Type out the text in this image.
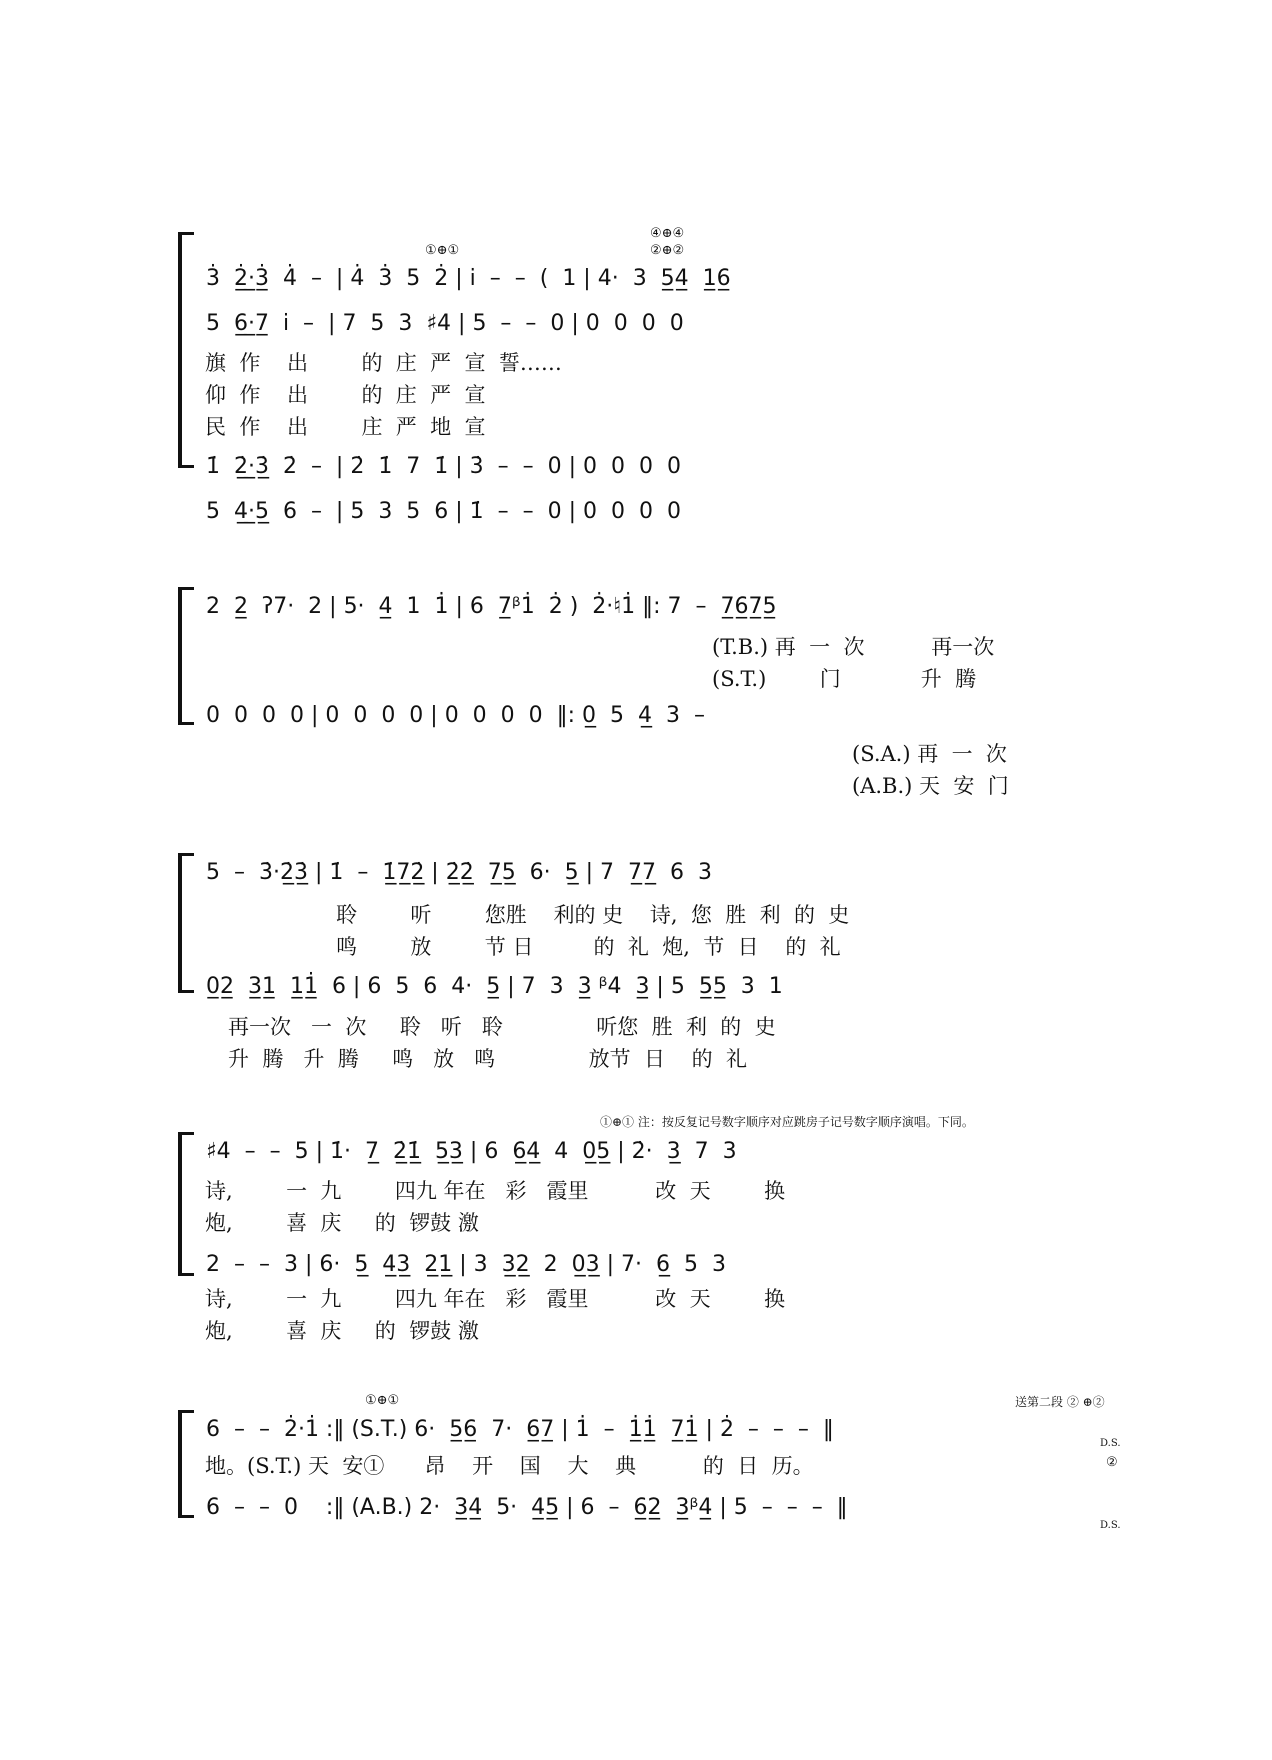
①⊕①
④⊕④
②⊕②
3̇  2̲̇·̲3̲̇  4̇  –  | 4̇  3̇  5  2̇ | i̇  –  –  (  1 | 4·  3  5̲4̲  1̲6̲
5  6̲·̲7̲  i̇  –  | 7  5  3  ♯4 | 5  –  –  0 | 0  0  0  0
旗  作    出        的  庄  严  宣  誓……
仰  作    出        的  庄  严  宣
民  作    出        庄  严  地  宣
1̇  2̲̇·̲3̲̇  2̇  –  | 2̇  1̇  7  1̇ | 3̇  –  –  0 | 0  0  0  0
5  4̲·̲5̲  6  –  | 5  3  5  6 | 1̇  –  –  0 | 0  0  0  0
2  2̲  ʔ7·  2 | 5·  4̲  1  1̇ | 6  7̲ᵝ1̇  2̇ )  2̇·♮1̇ ‖: 7  –  7̲6̲7̲5̲
(T.B.) 再  一  次          再一次
(S.T.)        门            升  腾
0  0  0  0 | 0  0  0  0 | 0  0  0  0  ‖: 0̲  5  4̲  3  –
(S.A.) 再  一  次
(A.B.) 天  安  门
5  –  3̇·2̲̇3̲̇ | 1̇  –  1̲̇7̲2̲̇ | 2̲̇2̲̇  7̲5̲  6·  5̲ | 7  7̲7̲  6  3
聆        听        您胜    利的 史    诗,  您  胜  利  的  史
鸣        放        节 日         的  礼  炮,  节  日    的  礼
0̲2̲  3̲1̲  1̲1̲̇  6 | 6  5  6  4·  5̲ | 7  3  3̲ ᵝ4  3̲ | 5  5̲5̲  3  1
再一次   一  次     聆   听   聆              听您  胜  利  的  史
升  腾   升  腾     鸣   放   鸣              放节  日    的  礼
①⊕① 注：按反复记号数字顺序对应跳房子记号数字顺序演唱。下同。
♯4  –  –  5 | 1̇·  7̲  2̲̇1̲̇  5̲3̲ | 6  6̲4̲  4  0̲5̲ | 2̇·  3̲  7  3
诗,        一  九        四九 年在   彩   霞里          改  天        换
炮,        喜  庆     的  锣鼓 激
2  –  –  3 | 6·  5̲  4̲3̲  2̲1̲ | 3  3̲2̲  2  0̲3̲ | 7·  6̲  5  3
诗,        一  九        四九 年在   彩   霞里          改  天        换
炮,        喜  庆     的  锣鼓 激
①⊕①	送第二段 ② ⊕②
6  –  –  2̇·1̇ :‖ (S.T.) 6·  5̲6̲  7·  6̲7̲ | 1̇  –  1̲̇1̲̇  7̲1̲̇ | 2̇  –  –  –  ‖
D.S.
地。(S.T.) 天  安①      昂    开    国    大    典          的  日  历。	②
6  –  –  0    :‖ (A.B.) 2·  3̲4̲  5·  4̲5̲ | 6  –  6̲2̲  3̲ᵝ4̲ | 5  –  –  –  ‖
D.S.
